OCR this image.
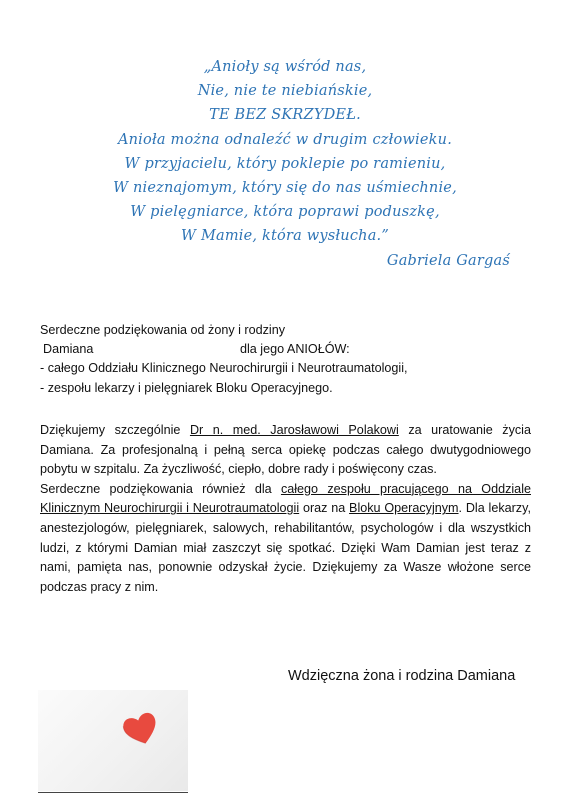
„Anioły są wśród nas,
Nie, nie te niebiańskie,
TE BEZ SKRZYDEŁ.
Anioła można odnaleźć w drugim człowieku.
W przyjacielu, który poklepie po ramieniu,
W nieznajomym, który się do nas uśmiechnie,
W pielęgniarce, która poprawi poduszkę,
W Mamie, która wysłucha.”
Gabriela Gargaś
Serdeczne podziękowania od żony i rodziny
Damiana	dla jego ANIOŁÓW:
- całego Oddziału Klinicznego Neurochirurgii i Neurotraumatologii,
- zespołu lekarzy i pielęgniarek Bloku Operacyjnego.

Dziękujemy szczególnie Dr n. med. Jarosławowi Polakowi za uratowanie życia Damiana. Za profesjonalną i pełną serca opiekę podczas całego dwutygodniowego pobytu w szpitalu. Za życzliwość, ciepło, dobre rady i poświęcony czas.

Serdeczne podziękowania również dla całego zespołu pracującego na Oddziale Klinicznym Neurochirurgii i Neurotraumatologii oraz na Bloku Operacyjnym. Dla lekarzy, anestezjologów, pielęgniarek, salowych, rehabilitantów, psychologów i dla wszystkich ludzi, z którymi Damian miał zaszczyt się spotkać. Dzięki Wam Damian jest teraz z nami, pamięta nas, ponownie odzyskał życie. Dziękujemy za Wasze włożone serce podczas pracy z nim.

Wdzięczna żona i rodzina Damiana
